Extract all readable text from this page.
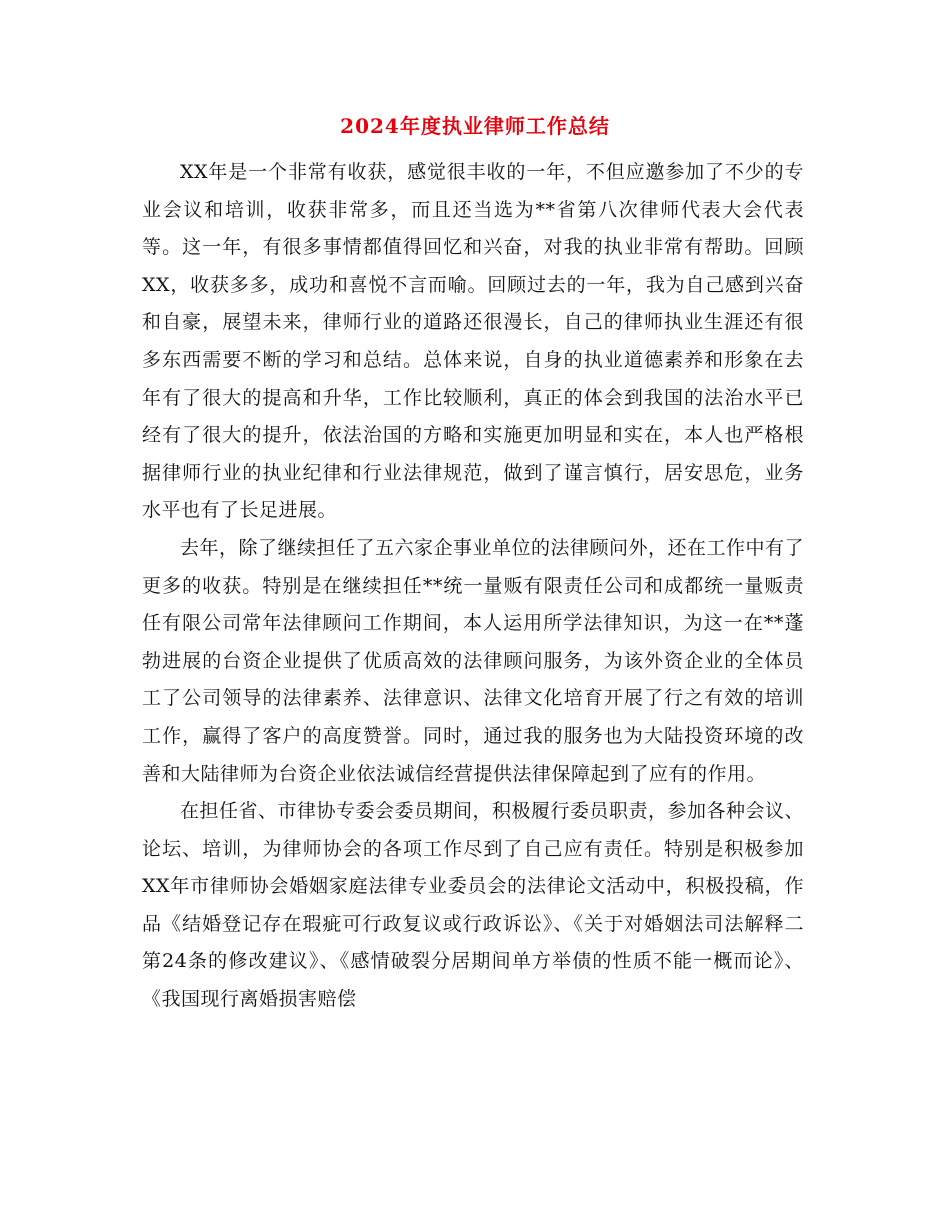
2024年度执业律师工作总结

XX年是一个非常有收获，感觉很丰收的一年，不但应邀参加了不少的专业会议和培训，收获非常多，而且还当选为**省第八次律师代表大会代表等。这一年，有很多事情都值得回忆和兴奋，对我的执业非常有帮助。回顾XX，收获多多，成功和喜悦不言而喻。回顾过去的一年，我为自己感到兴奋和自豪，展望未来，律师行业的道路还很漫长，自己的律师执业生涯还有很多东西需要不断的学习和总结。总体来说，自身的执业道德素养和形象在去年有了很大的提高和升华，工作比较顺利，真正的体会到我国的法治水平已经有了很大的提升，依法治国的方略和实施更加明显和实在，本人也严格根据律师行业的执业纪律和行业法律规范，做到了谨言慎行，居安思危，业务水平也有了长足进展。

去年，除了继续担任了五六家企事业单位的法律顾问外，还在工作中有了更多的收获。特别是在继续担任**统一量贩有限责任公司和成都统一量贩责任有限公司常年法律顾问工作期间，本人运用所学法律知识，为这一在**蓬勃进展的台资企业提供了优质高效的法律顾问服务，为该外资企业的全体员工了公司领导的法律素养、法律意识、法律文化培育开展了行之有效的培训工作，赢得了客户的高度赞誉。同时，通过我的服务也为大陆投资环境的改善和大陆律师为台资企业依法诚信经营提供法律保障起到了应有的作用。

在担任省、市律协专委会委员期间，积极履行委员职责，参加各种会议、论坛、培训，为律师协会的各项工作尽到了自己应有责任。特别是积极参加XX年市律师协会婚姻家庭法律专业委员会的法律论文活动中，积极投稿，作品《结婚登记存在瑕疵可行政复议或行政诉讼》、《关于对婚姻法司法解释二第24条的修改建议》、《感情破裂分居期间单方举债的性质不能一概而论》、《我国现行离婚损害赔偿
